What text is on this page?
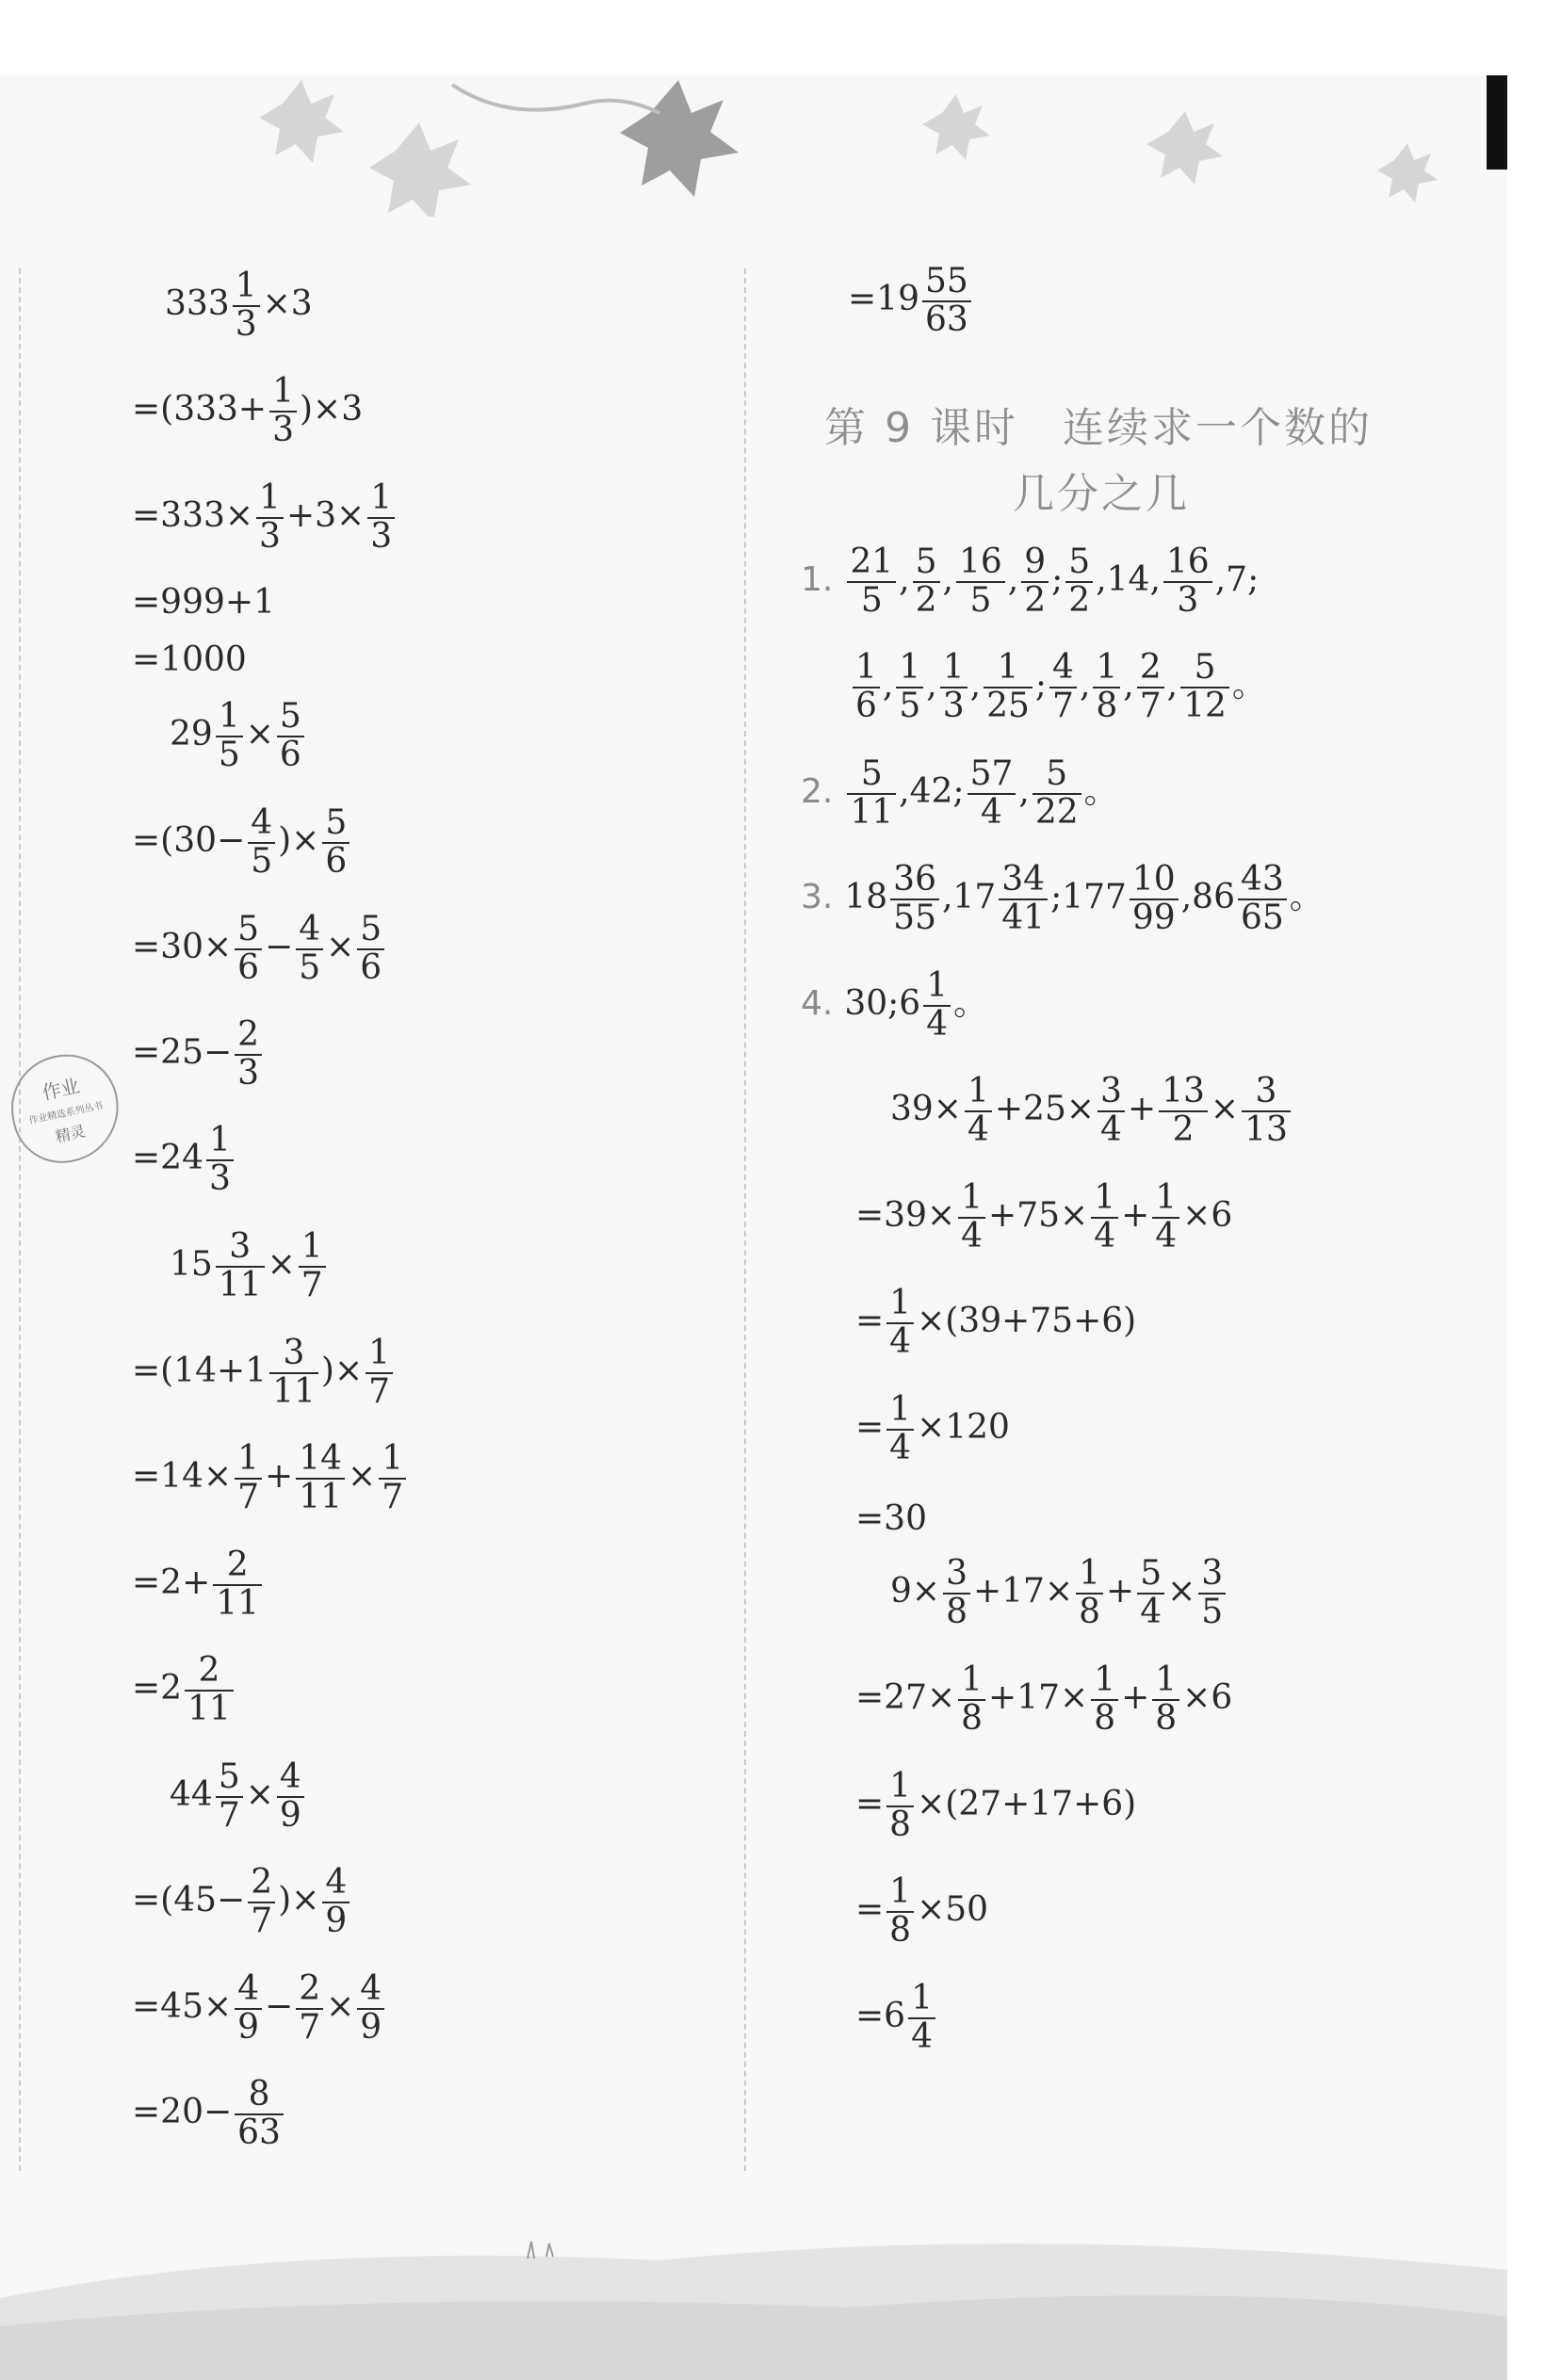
作业
作业精选系列丛书
精灵
$333 \frac{1}{3} \times 3$
$=(333+ \frac{1}{3} )\times 3$
$=333\times \frac{1}{3} +3\times \frac{1}{3}$
=999+1
=1000
$29 \frac{1}{5} \times \frac{5}{6}$
$=(30- \frac{4}{5}$ )× $\frac{5}{6}$
$=30\times \frac{5}{6} - \frac{4}{5} \times \frac{5}{6}$
$=25- \frac{2}{3}$
$=24 \frac{1}{3}$
$15 \frac{3}{11} \times \frac{1}{7}$
$=(14+1 \frac{3}{11}$ )× $\frac{1}{7}$
$=14\times \frac{1}{7} + \frac{14}{11} \times \frac{1}{7}$
$=2+ \frac{2}{11}$
$=2 \frac{2}{11}$
$44 \frac{5}{7} \times \frac{4}{9}$
$=(45- \frac{2}{7}$ )× $\frac{4}{9}$
$=45\times \frac{4}{9} - \frac{2}{7} \times \frac{4}{9}$
$=20- \frac{8}{63}$
$=19 \frac{55}{63}$
第 9 课时　连续求一个数的
几分之几
1. $\frac{21}{5}$ , $\frac{5}{2}$ , $\frac{16}{5}$ , $\frac{9}{2}$ ; $\frac{5}{2} ,14$, $\frac{16}{3} ,7$;
$\frac{1}{6}$ , $\frac{1}{5}$ , $\frac{1}{3}$ , $\frac{1}{25}$ ; $\frac{4}{7}$ , $\frac{1}{8}$ , $\frac{2}{7}$ , $\frac{5}{12}$ 。
2. $\frac{5}{11} ,42$; $\frac{57}{4}$ , $\frac{5}{22}$ 。
3. $18 \frac{36}{55} ,17 \frac{34}{41}$ ;177 $\frac{10}{99} ,86 \frac{43}{65}$ 。
4. 30;6 $\frac{1}{4}$ 。
$39\times \frac{1}{4} +25\times \frac{3}{4} + \frac{13}{2} \times \frac{3}{13}$
$=39\times \frac{1}{4} +75\times \frac{1}{4} + \frac{1}{4} \times 6$
= $\frac{1}{4} \times(39+75+6)$
= $\frac{1}{4} \times 120$
=30
$9\times \frac{3}{8} +17\times \frac{1}{8} + \frac{5}{4} \times \frac{3}{5}$
$=27\times \frac{1}{8} +17\times \frac{1}{8} + \frac{1}{8} \times 6$
= $\frac{1}{8} \times(27+17+6)$
= $\frac{1}{8} \times 50$
$=6 \frac{1}{4}$
